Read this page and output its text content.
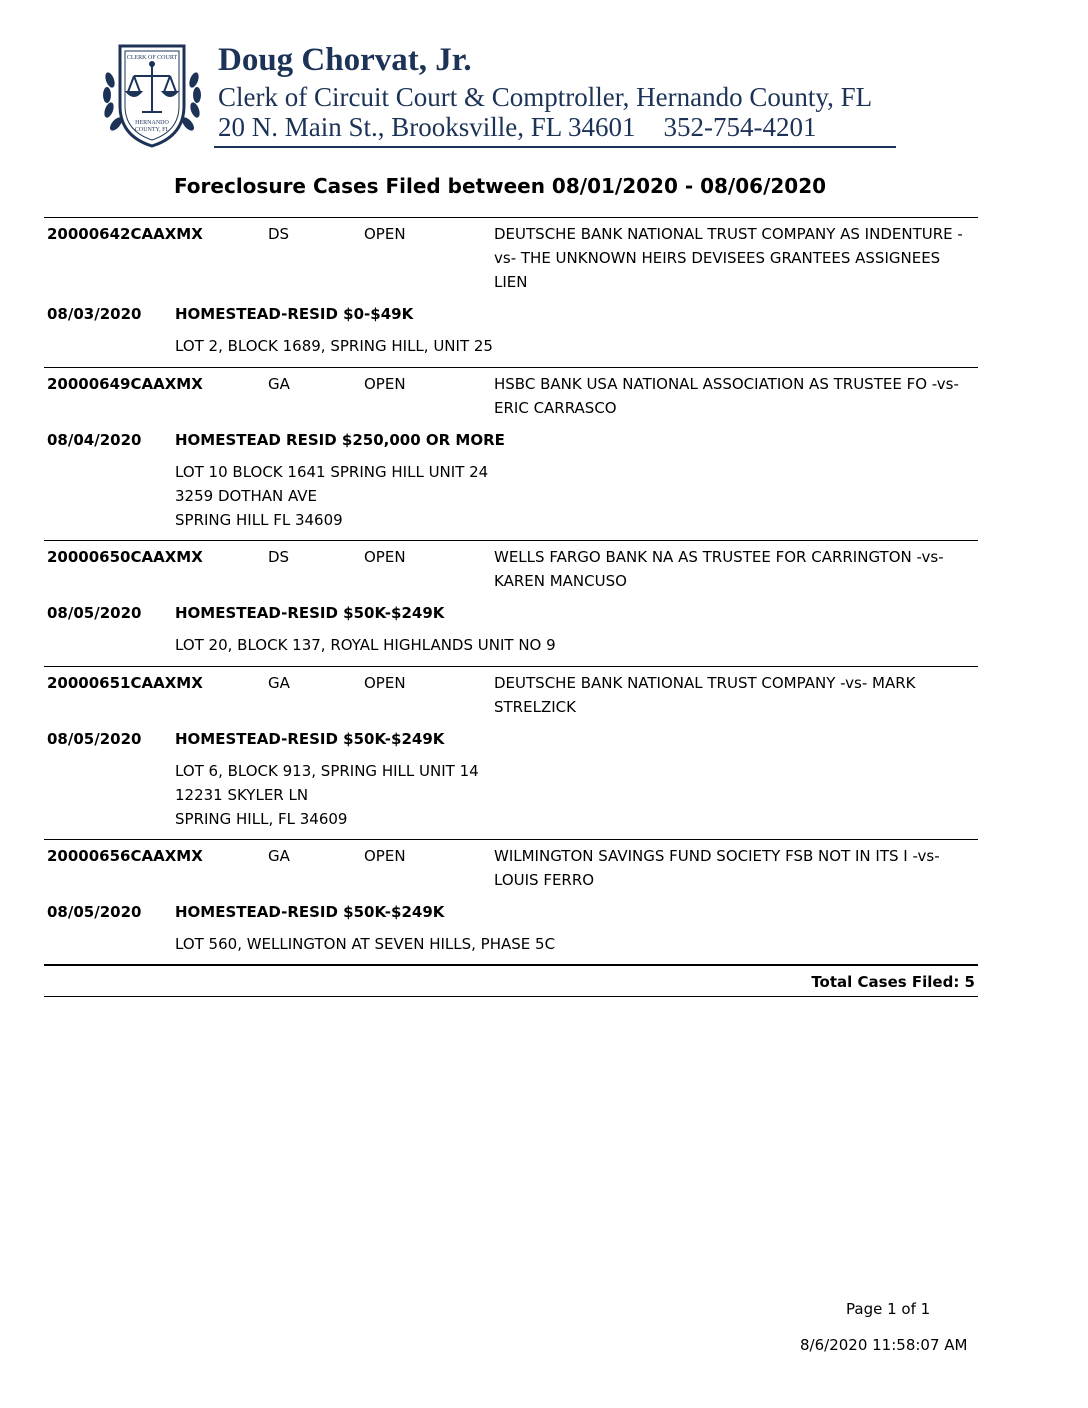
CLERK OF COURT
HERNANDO
COUNTY, FL
Doug Chorvat, Jr.
Clerk of Circuit Court & Comptroller, Hernando County, FL
20 N. Main St., Brooksville, FL 34601 352-754-4201
Foreclosure Cases Filed between 08/01/2020 - 08/06/2020
20000642CAAXMX	DS	OPEN	DEUTSCHE BANK NATIONAL TRUST COMPANY AS INDENTURE -vs- THE UNKNOWN HEIRS DEVISEES GRANTEES ASSIGNEES LIEN
08/03/2020 HOMESTEAD-RESID $0-$49K
LOT 2, BLOCK 1689, SPRING HILL, UNIT 25
20000649CAAXMX	GA	OPEN	HSBC BANK USA NATIONAL ASSOCIATION AS TRUSTEE FO -vs- ERIC CARRASCO
08/04/2020 HOMESTEAD RESID $250,000 OR MORE
LOT 10 BLOCK 1641 SPRING HILL UNIT 24
3259 DOTHAN AVE
SPRING HILL FL 34609
20000650CAAXMX	DS	OPEN	WELLS FARGO BANK NA AS TRUSTEE FOR CARRINGTON -vs- KAREN MANCUSO
08/05/2020 HOMESTEAD-RESID $50K-$249K
LOT 20, BLOCK 137, ROYAL HIGHLANDS UNIT NO 9
20000651CAAXMX	GA	OPEN	DEUTSCHE BANK NATIONAL TRUST COMPANY -vs- MARK STRELZICK
08/05/2020 HOMESTEAD-RESID $50K-$249K
LOT 6, BLOCK 913, SPRING HILL UNIT 14
12231 SKYLER LN
SPRING HILL, FL 34609
20000656CAAXMX	GA	OPEN	WILMINGTON SAVINGS FUND SOCIETY FSB NOT IN ITS I -vs- LOUIS FERRO
08/05/2020 HOMESTEAD-RESID $50K-$249K
LOT 560, WELLINGTON AT SEVEN HILLS, PHASE 5C
Total Cases Filed: 5
Page 1 of 1
8/6/2020 11:58:07 AM
